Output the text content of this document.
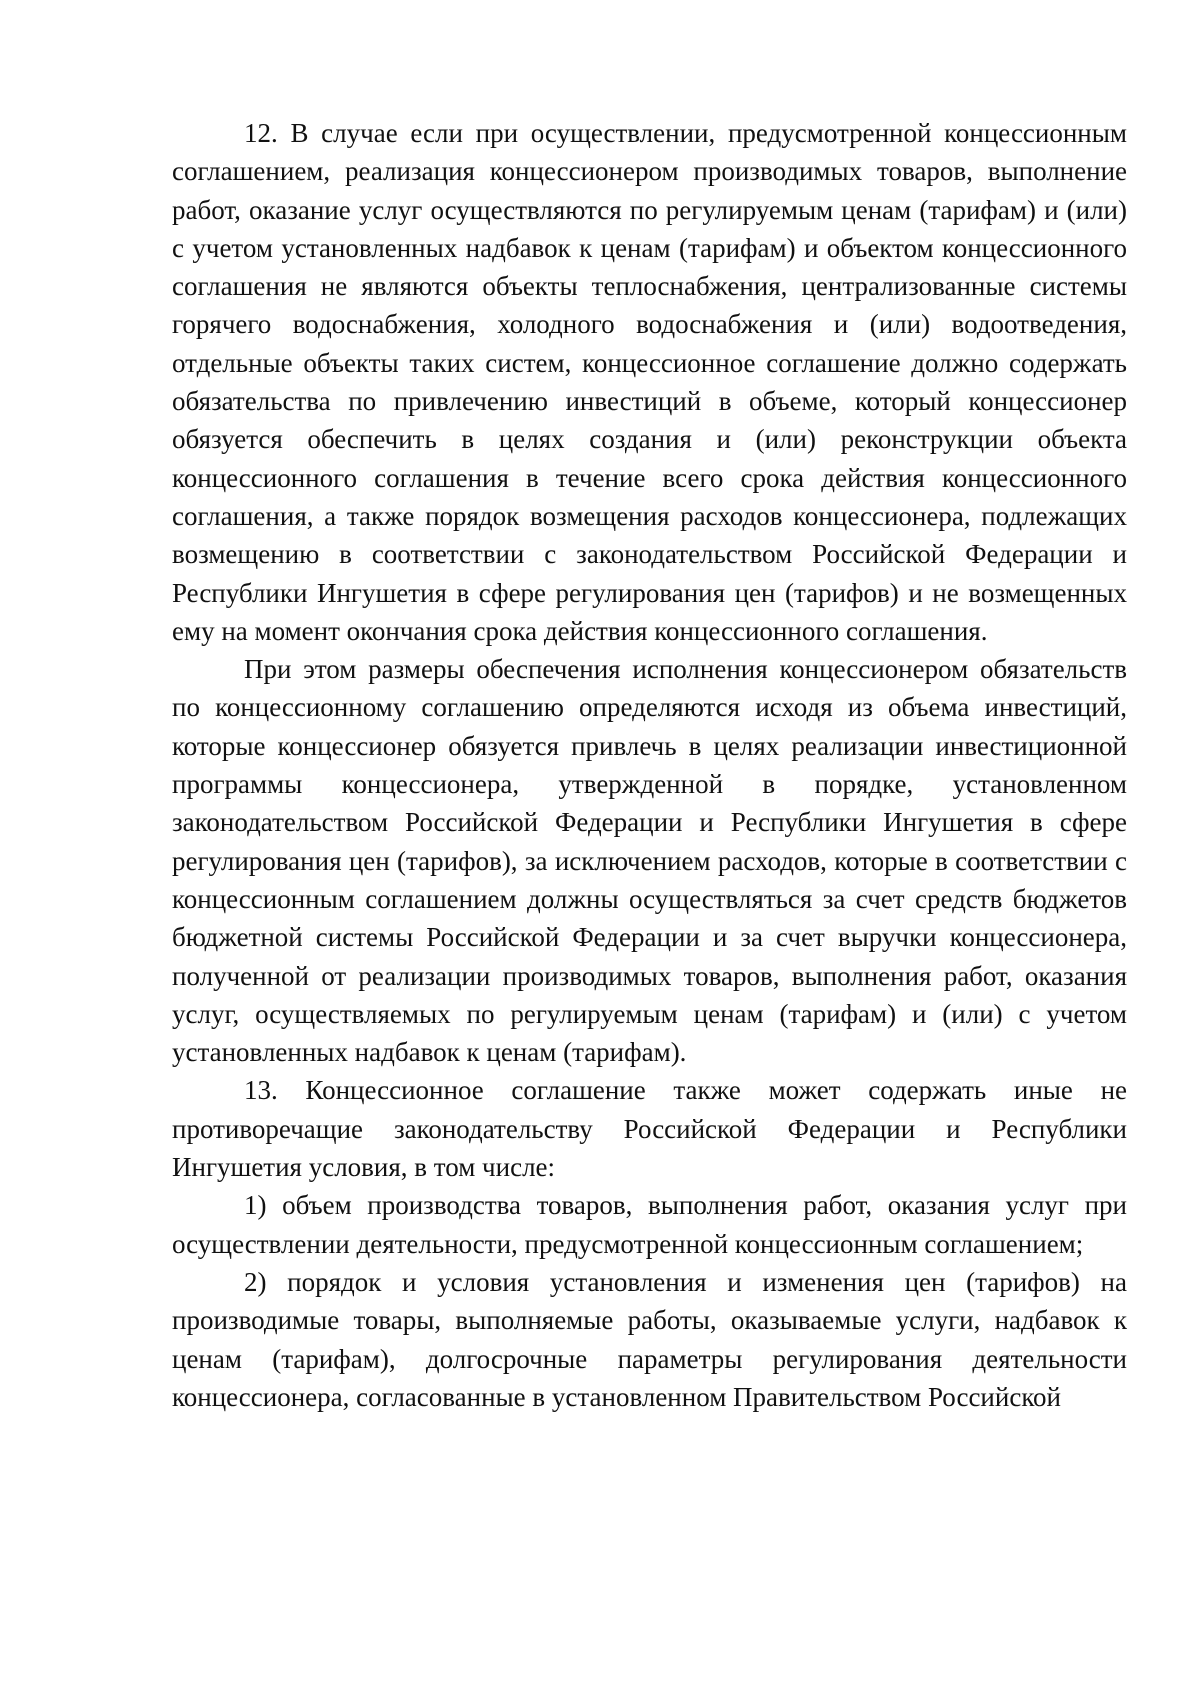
12. В случае если при осуществлении, предусмотренной концессионным соглашением, реализация концессионером производимых товаров, выполнение работ, оказание услуг осуществляются по регулируемым ценам (тарифам) и (или) с учетом установленных надбавок к ценам (тарифам) и объектом концессионного соглашения не являются объекты теплоснабжения, централизованные системы горячего водоснабжения, холодного водоснабжения и (или) водоотведения, отдельные объекты таких систем, концессионное соглашение должно содержать обязательства по привлечению инвестиций в объеме, который концессионер обязуется обеспечить в целях создания и (или) реконструкции объекта концессионного соглашения в течение всего срока действия концессионного соглашения, а также порядок возмещения расходов концессионера, подлежащих возмещению в соответствии с законодательством Российской Федерации и Республики Ингушетия в сфере регулирования цен (тарифов) и не возмещенных ему на момент окончания срока действия концессионного соглашения.

При этом размеры обеспечения исполнения концессионером обязательств по концессионному соглашению определяются исходя из объема инвестиций, которые концессионер обязуется привлечь в целях реализации инвестиционной программы концессионера, утвержденной в порядке, установленном законодательством Российской Федерации и Республики Ингушетия в сфере регулирования цен (тарифов), за исключением расходов, которые в соответствии с концессионным соглашением должны осуществляться за счет средств бюджетов бюджетной системы Российской Федерации и за счет выручки концессионера, полученной от реализации производимых товаров, выполнения работ, оказания услуг, осуществляемых по регулируемым ценам (тарифам) и (или) с учетом установленных надбавок к ценам (тарифам).

13. Концессионное соглашение также может содержать иные не противоречащие законодательству Российской Федерации и Республики Ингушетия условия, в том числе:

1) объем производства товаров, выполнения работ, оказания услуг при осуществлении деятельности, предусмотренной концессионным соглашением;

2) порядок и условия установления и изменения цен (тарифов) на производимые товары, выполняемые работы, оказываемые услуги, надбавок к ценам (тарифам), долгосрочные параметры регулирования деятельности концессионера, согласованные в установленном Правительством Российской
